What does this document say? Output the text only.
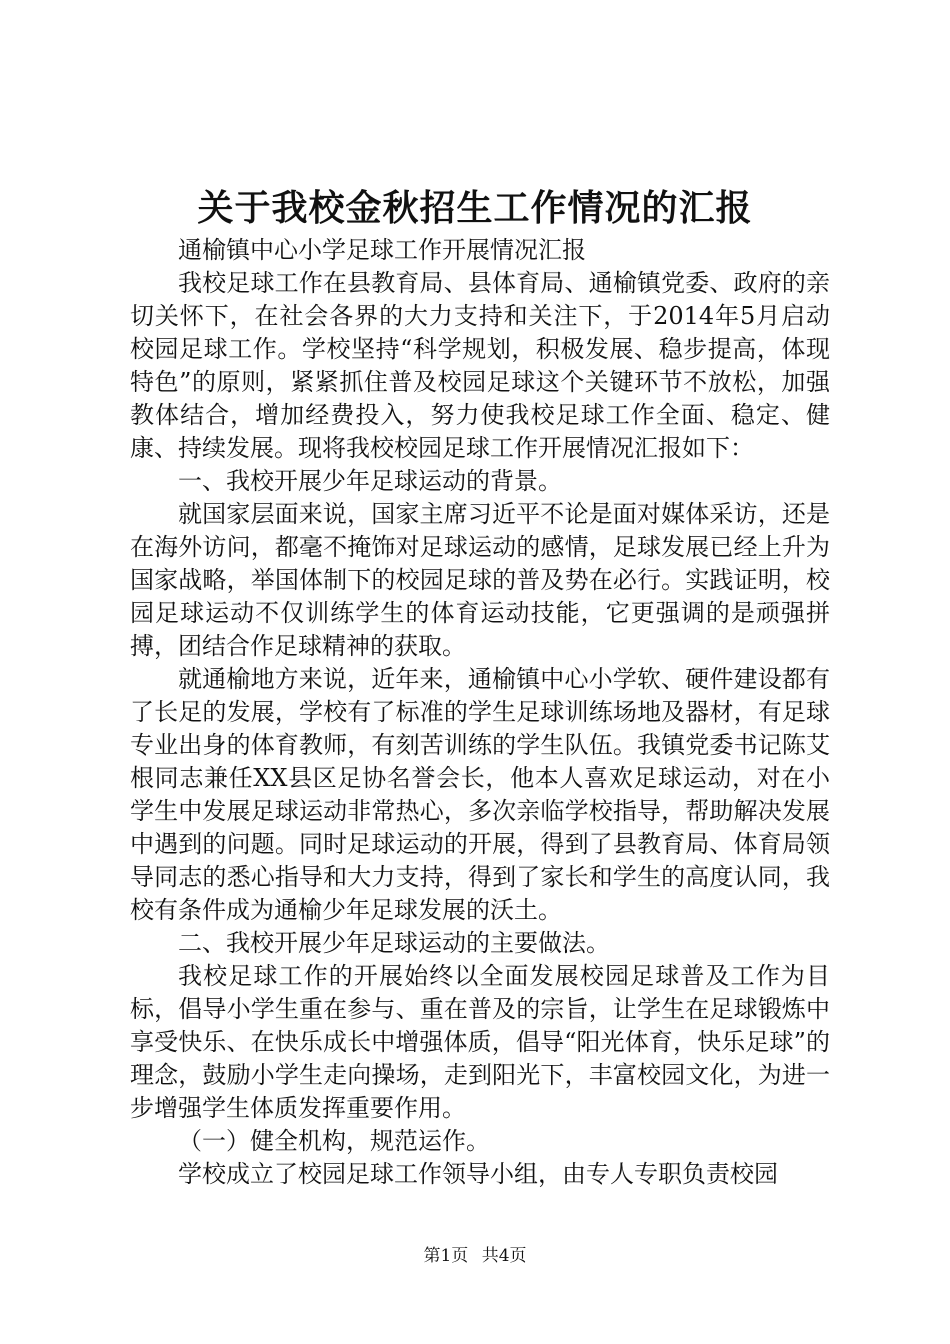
关于我校金秋招生工作情况的汇报

通榆镇中心小学足球工作开展情况汇报

我校足球工作在县教育局、县体育局、通榆镇党委、政府的亲切关怀下，在社会各界的大力支持和关注下，于2014年5月启动校园足球工作。学校坚持“科学规划，积极发展、稳步提高，体现特色”的原则，紧紧抓住普及校园足球这个关键环节不放松，加强教体结合，增加经费投入，努力使我校足球工作全面、稳定、健康、持续发展。现将我校校园足球工作开展情况汇报如下：

一、我校开展少年足球运动的背景。

就国家层面来说，国家主席习近平不论是面对媒体采访，还是在海外访问，都毫不掩饰对足球运动的感情，足球发展已经上升为国家战略，举国体制下的校园足球的普及势在必行。实践证明，校园足球运动不仅训练学生的体育运动技能，它更强调的是顽强拼搏，团结合作足球精神的获取。

就通榆地方来说，近年来，通榆镇中心小学软、硬件建设都有了长足的发展，学校有了标准的学生足球训练场地及器材，有足球专业出身的体育教师，有刻苦训练的学生队伍。我镇党委书记陈艾根同志兼任XX县区足协名誉会长，他本人喜欢足球运动，对在小学生中发展足球运动非常热心，多次亲临学校指导，帮助解决发展中遇到的问题。同时足球运动的开展，得到了县教育局、体育局领导同志的悉心指导和大力支持，得到了家长和学生的高度认同，我校有条件成为通榆少年足球发展的沃土。

二、我校开展少年足球运动的主要做法。

我校足球工作的开展始终以全面发展校园足球普及工作为目标，倡导小学生重在参与、重在普及的宗旨，让学生在足球锻炼中享受快乐、在快乐成长中增强体质，倡导“阳光体育，快乐足球”的理念，鼓励小学生走向操场，走到阳光下，丰富校园文化，为进一步增强学生体质发挥重要作用。

（一）健全机构，规范运作。

学校成立了校园足球工作领导小组，由专人专职负责校园

第1页 共4页
